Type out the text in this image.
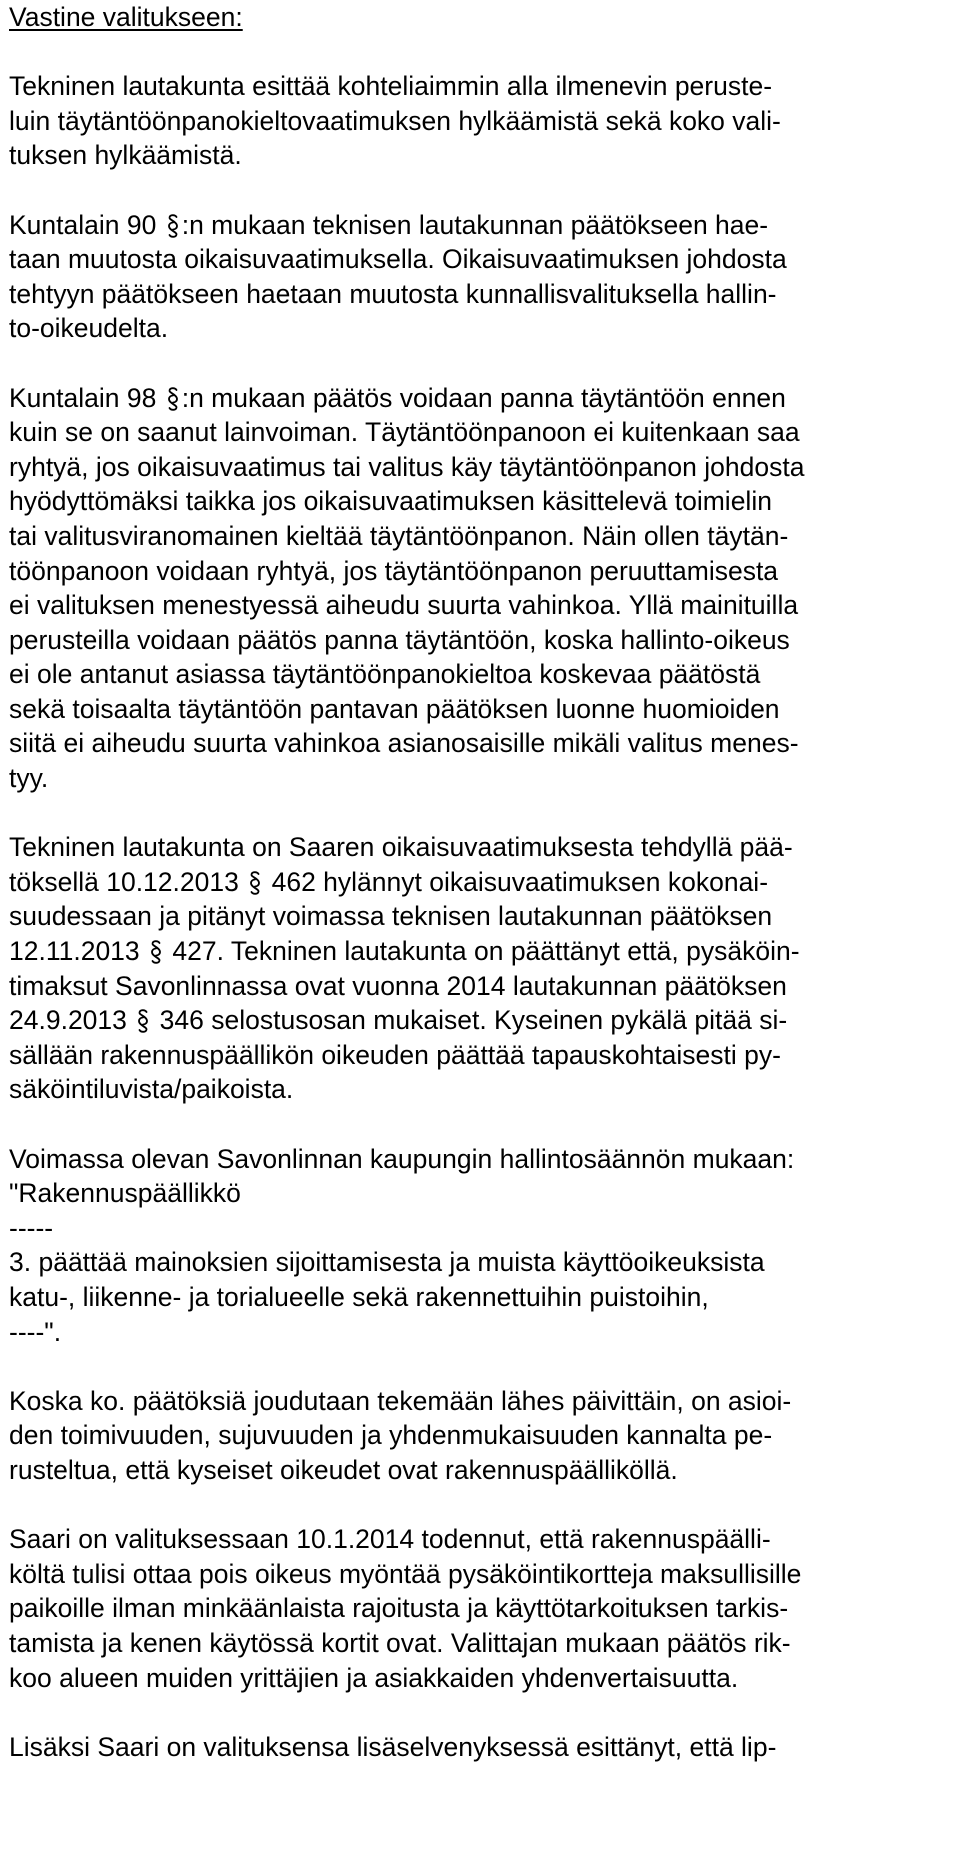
Vastine valitukseen:
Tekninen lautakunta esittää kohteliaimmin alla ilmenevin peruste-
luin täytäntöönpanokieltovaatimuksen hylkäämistä sekä koko vali-
tuksen hylkäämistä.
Kuntalain 90 :n mukaan teknisen lautakunnan päätökseen hae-
taan muutosta oikaisuvaatimuksella. Oikaisuvaatimuksen johdosta
tehtyyn päätökseen haetaan muutosta kunnallisvalituksella hallin-
to-oikeudelta.
Kuntalain 98 :n mukaan päätös voidaan panna täytäntöön ennen
kuin se on saanut lainvoiman. Täytäntöönpanoon ei kuitenkaan saa
ryhtyä, jos oikaisuvaatimus tai valitus käy täytäntöönpanon johdosta
hyödyttömäksi taikka jos oikaisuvaatimuksen käsittelevä toimielin
tai valitusviranomainen kieltää täytäntöönpanon. Näin ollen täytän-
töönpanoon voidaan ryhtyä, jos täytäntöönpanon peruuttamisesta
ei valituksen menestyessä aiheudu suurta vahinkoa. Yllä mainituilla
perusteilla voidaan päätös panna täytäntöön, koska hallinto-oikeus
ei ole antanut asiassa täytäntöönpanokieltoa koskevaa päätöstä
sekä toisaalta täytäntöön pantavan päätöksen luonne huomioiden
siitä ei aiheudu suurta vahinkoa asianosaisille mikäli valitus menes-
tyy.
Tekninen lautakunta on Saaren oikaisuvaatimuksesta tehdyllä pää-
töksellä 10.12.2013 462 hylännyt oikaisuvaatimuksen kokonai-
suudessaan ja pitänyt voimassa teknisen lautakunnan päätöksen
12.11.2013 427. Tekninen lautakunta on päättänyt että, pysäköin-
timaksut Savonlinnassa ovat vuonna 2014 lautakunnan päätöksen
24.9.2013 346 selostusosan mukaiset. Kyseinen pykälä pitää si-
sällään rakennuspäällikön oikeuden päättää tapauskohtaisesti py-
säköintiluvista/paikoista.
Voimassa olevan Savonlinnan kaupungin hallintosäännön mukaan:
"Rakennuspäällikkö
-----
3. päättää mainoksien sijoittamisesta ja muista käyttöoikeuksista
katu-, liikenne- ja torialueelle sekä rakennettuihin puistoihin,
----".
Koska ko. päätöksiä joudutaan tekemään lähes päivittäin, on asioi-
den toimivuuden, sujuvuuden ja yhdenmukaisuuden kannalta pe-
rusteltua, että kyseiset oikeudet ovat rakennuspäälliköllä.
Saari on valituksessaan 10.1.2014 todennut, että rakennuspäälli-
költä tulisi ottaa pois oikeus myöntää pysäköintikortteja maksullisille
paikoille ilman minkäänlaista rajoitusta ja käyttötarkoituksen tarkis-
tamista ja kenen käytössä kortit ovat. Valittajan mukaan päätös rik-
koo alueen muiden yrittäjien ja asiakkaiden yhdenvertaisuutta.
Lisäksi Saari on valituksensa lisäselvenyksessä esittänyt, että lip-
